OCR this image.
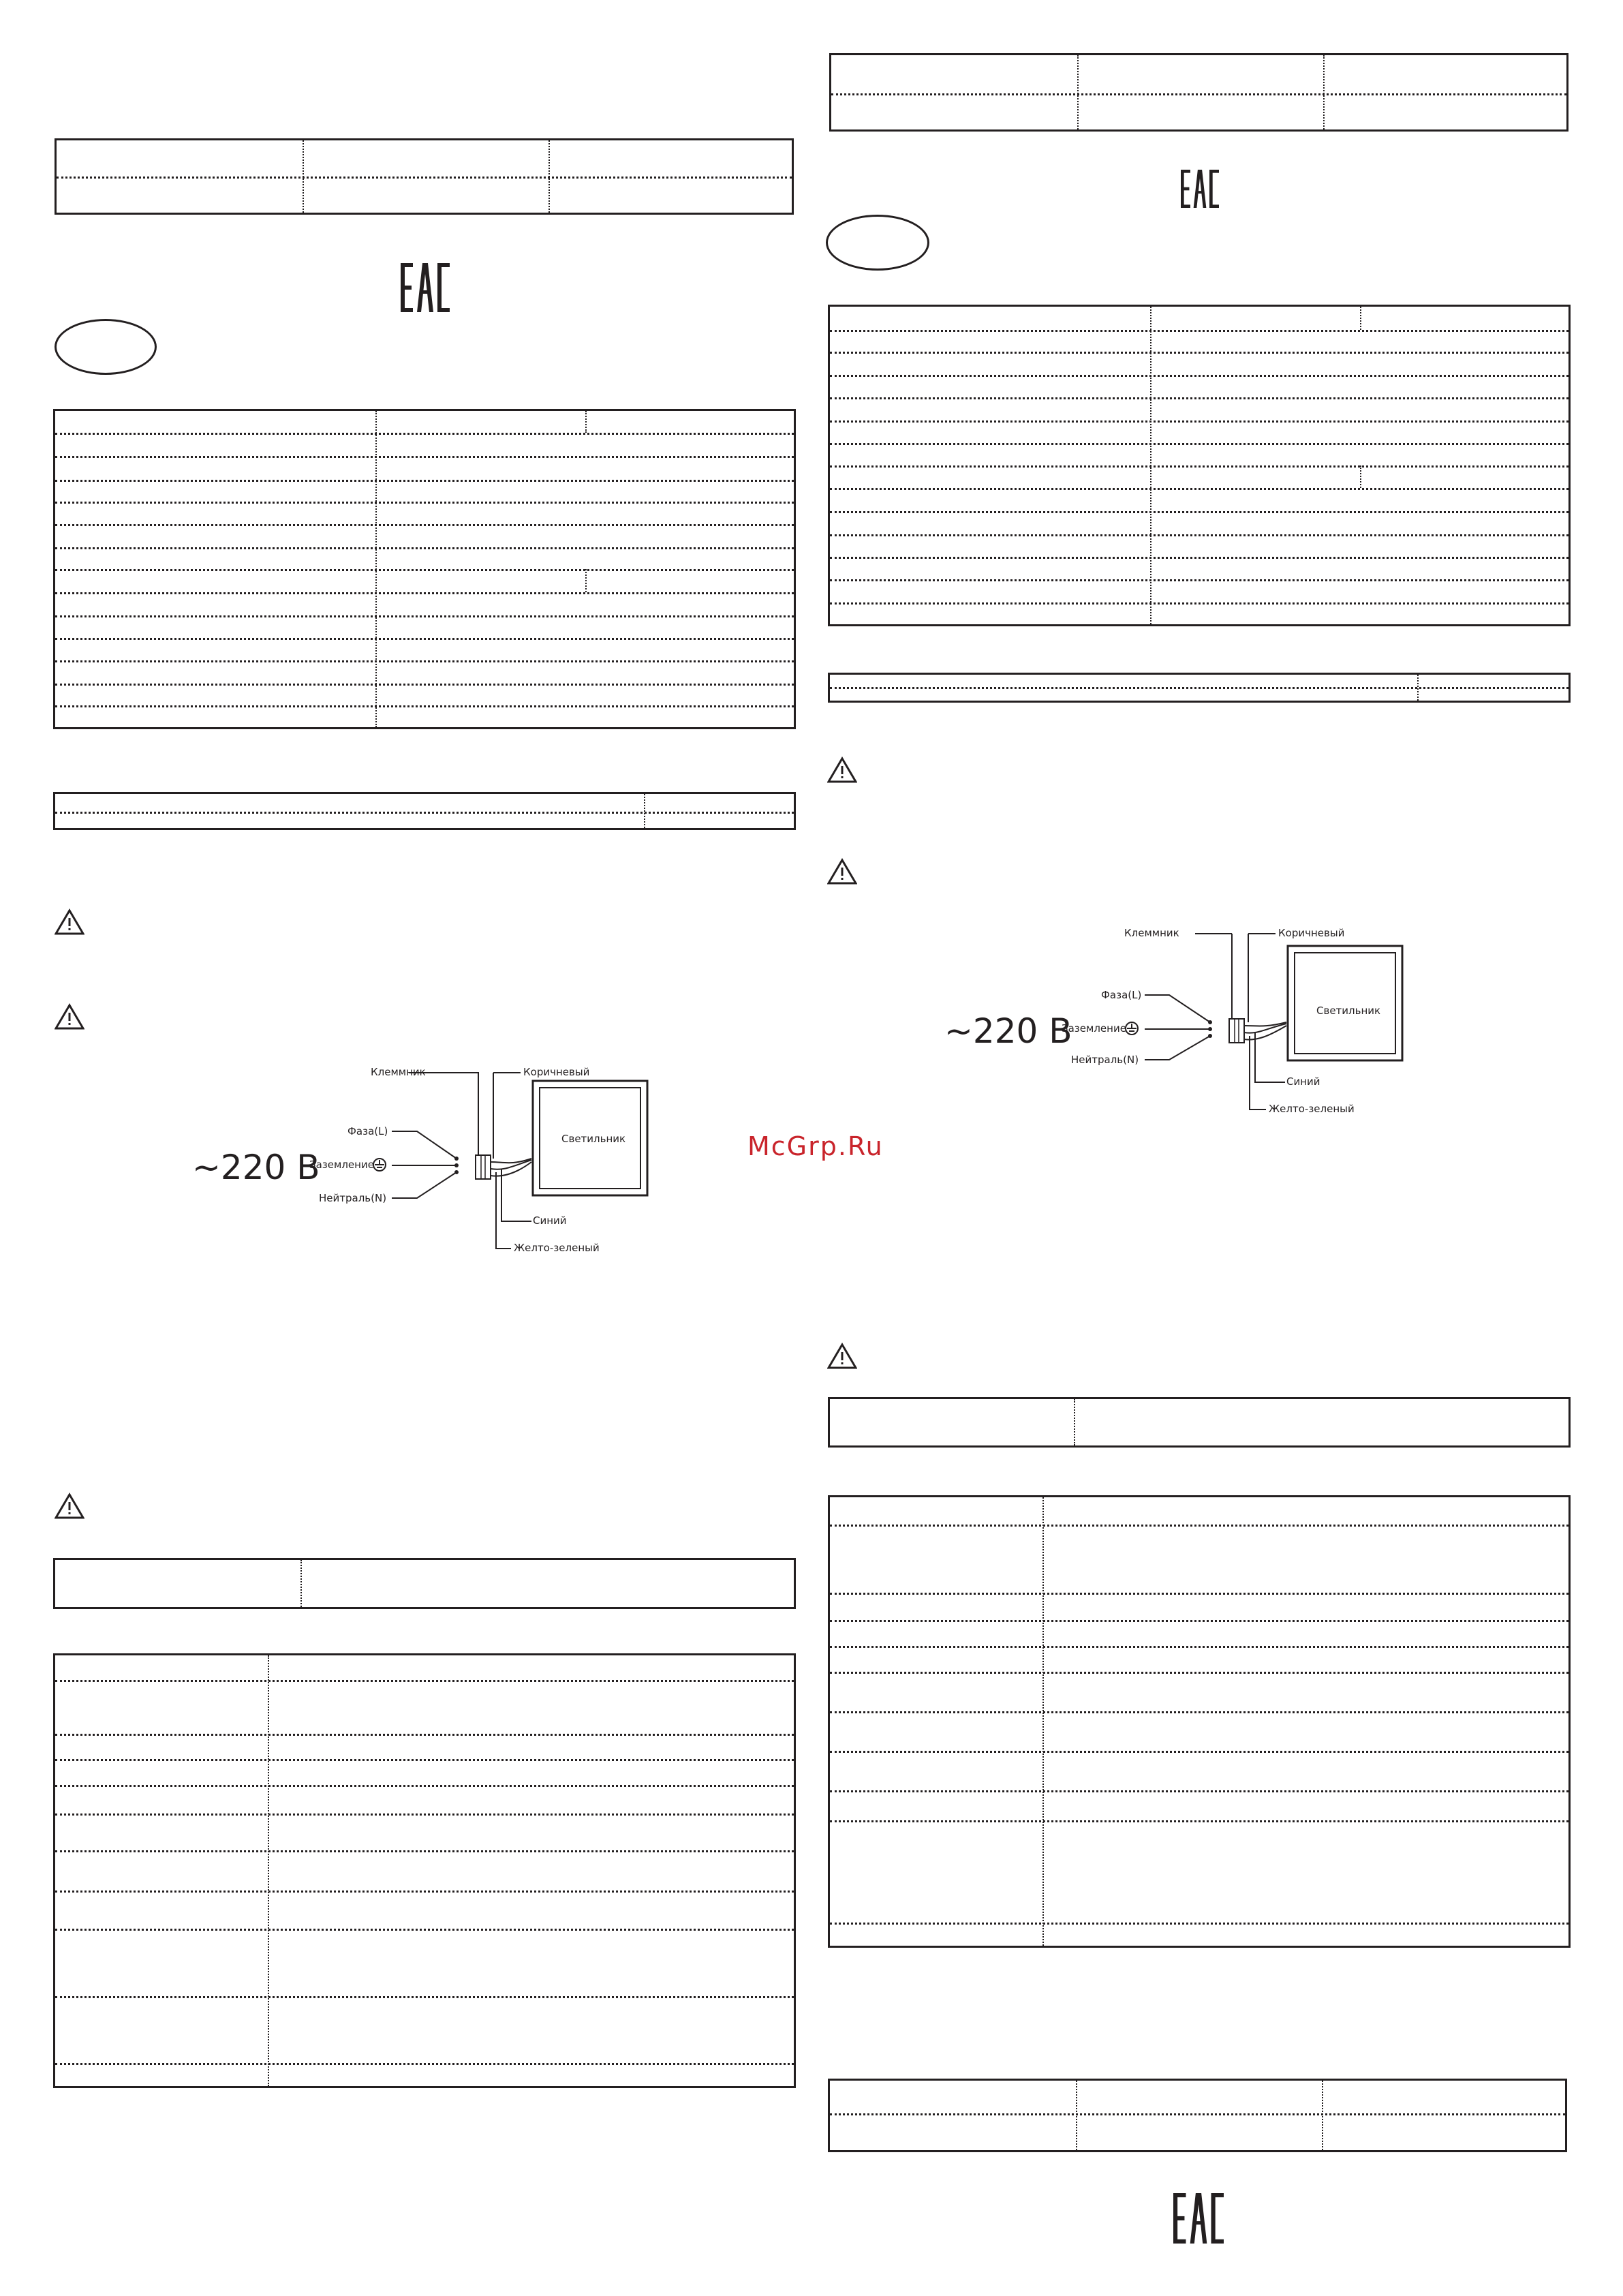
~220 В
Клеммник	Коричневый
Фаза(L)
Заземление
Нейтраль(N)
Светильник
Синий
Желто-зеленый
~220 В
Клеммник	Коричневый
Фаза(L)
Заземление
Нейтраль(N)
Светильник
Синий
Желто-зеленый
McGrp.Ru
